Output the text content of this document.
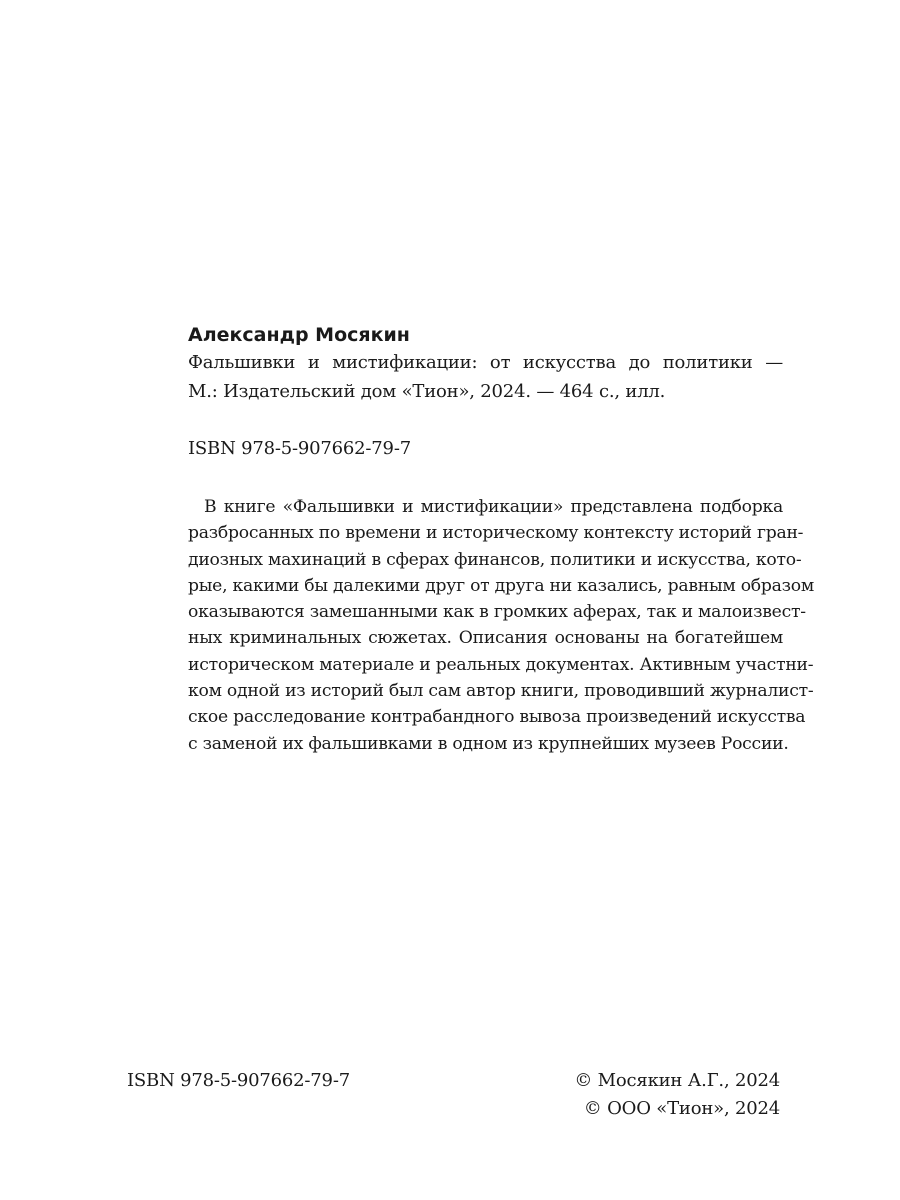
Александр Мосякин

Фальшивки и мистификации: от искусства до политики —

М.: Издательский дом «Тион», 2024. — 464 с., илл.

ISBN 978-5-907662-79-7

В книге «Фальшивки и мистификации» представлена подборка
разбросанных по времени и историческому контексту историй гран-
диозных махинаций в сферах финансов, политики и искусства, кото-
рые, какими бы далекими друг от друга ни казались, равным образом
оказываются замешанными как в громких аферах, так и малоизвест-
ных криминальных сюжетах. Описания основаны на богатейшем
историческом материале и реальных документах. Активным участни-
ком одной из историй был сам автор книги, проводивший журналист-
ское расследование контрабандного вывоза произведений искусства
с заменой их фальшивками в одном из крупнейших музеев России.

ISBN 978-5-907662-79-7	© Мосякин А.Г., 2024
© ООО «Тион», 2024
